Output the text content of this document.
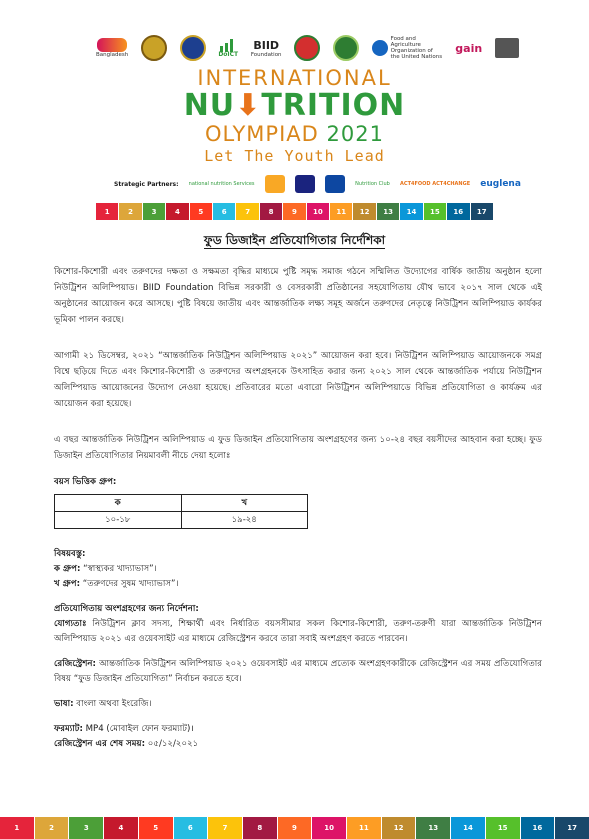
Bangladesh	DoICT
BIID
Foundation
Food and Agriculture Organization of the United Nations
gain
INTERNATIONAL
NU⬇TRITION
OLYMPIAD 2021
Let The Youth Lead
Strategic Partners: national nutrition Services	Nutrition Club ACT4FOOD ACT4CHANGE euglena
1	2	3	4	5	6	7	8	9	10	11	12	13	14	15	16	17
ফুড ডিজাইন প্রতিযোগিতার নির্দেশিকা

কিশোর-কিশোরী এবং তরুণদের দক্ষতা ও সক্ষমতা বৃদ্ধির মাধ্যমে পুষ্টি সমৃদ্ধ সমাজ গঠনে সম্মিলিত উদ্যোগের বার্ষিক জাতীয় অনুষ্ঠান হলো নিউট্রিশন অলিম্পিয়াড। BIID Foundation বিভিন্ন সরকারী ও বেসরকারী প্রতিষ্ঠানের সহযোগিতায় যৌথ ভাবে ২০১৭ সাল থেকে এই অনুষ্ঠানের আয়োজন করে আসছে। পুষ্টি বিষয়ে জাতীয় এবং আন্তর্জাতিক লক্ষ্য সমূহ অর্জনে তরুণদের নেতৃত্বে নিউট্রিশন অলিম্পিয়াড কার্যকর ভূমিকা পালন করছে।

আগামী ২১ ডিসেম্বর, ২০২১ “আন্তর্জাতিক নিউট্রিশন অলিম্পিয়াড ২০২১” আয়োজন করা হবে। নিউট্রিশন অলিম্পিয়াড আয়োজনকে সমগ্র বিশ্বে ছড়িয়ে দিতে এবং কিশোর-কিশোরী ও তরুণদের অংশগ্রহনকে উৎসাহিত করার জন্য ২০২১ সাল থেকে আন্তর্জাতিক পর্যায়ে নিউট্রিশন অলিম্পিয়াড আয়োজনের উদ্যোগ নেওয়া হয়েছে। প্রতিবারের মতো এবারো নিউট্রিশন অলিম্পিয়াডে বিভিন্ন প্রতিযোগিতা ও কার্যক্রম এর আয়োজন করা হয়েছে।

এ বছর আন্তর্জাতিক নিউট্রিশন অলিম্পিয়াড এ ফুড ডিজাইন প্রতিযোগিতায় অংশগ্রহণের জন্য ১০-২৪ বছর বয়সীদের আহবান করা হচ্ছে। ফুড ডিজাইন প্রতিযোগিতার নিয়মাবলী নীচে দেয়া হলোঃ

বয়স ভিত্তিক গ্রুপ:

ক	খ
১০-১৮	১৯-২৪

বিষয়বস্তু:

ক গ্রুপ: “স্বাস্থ্যকর খাদ্যাভাস”।

খ গ্রুপ: “তরুণদের সুষম খাদ্যাভাস”।

প্রতিযোগিতায় অংশগ্রহণের জন্য নির্দেশনা:

যোগ্যতাঃ নিউট্রিশন ক্লাব সদস্য, শিক্ষার্থী এবং নির্ধারিত বয়সসীমার সকল কিশোর-কিশোরী, তরুণ-তরুণী যারা আন্তর্জাতিক নিউট্রিশন অলিম্পিয়াড ২০২১ এর ওয়েবসাইট এর মাধ্যমে রেজিস্ট্রেশন করবে তারা সবাই অংশগ্রহণ করতে পারবেন।

রেজিস্ট্রেশন: আন্তর্জাতিক নিউট্রিশন অলিম্পিয়াড ২০২১ ওয়েবসাইট এর মাধ্যমে প্রত্যেক অংশগ্রহণকারীকে রেজিস্ট্রেশন এর সময় প্রতিযোগিতার বিষয় “ফুড ডিজাইন প্রতিযোগিতা” নির্বাচন করতে হবে।

ভাষা: বাংলা অথবা ইংরেজি।

ফরম্যাট: MP4 (মোবাইল ফোন ফরম্যাট)।

রেজিস্ট্রেশন এর শেষ সময়: ০৫/১২/২০২১

1	2	3	4	5	6	7	8	9	10	11	12	13	14	15	16	17
